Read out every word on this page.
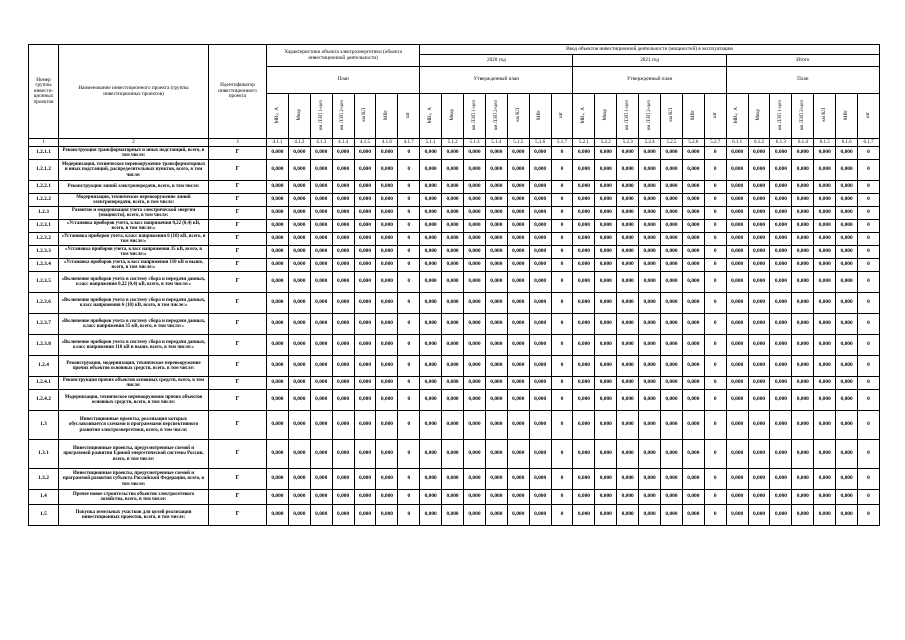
Номер группы инвести-ционных проектов	Наименование инвестиционного проекта (группы инвестиционных проектов)	Идентификатор инвестиционного проекта	Характеристики объекта электроэнергетики (объекта инвестиционной деятельности)							Ввод объектов инвестиционной деятельности (мощностей) в эксплуатацию																				
										2020 год							2021 год							Итого						
			План							Утвержденный план							Утвержденный план							План						
			МВ×А	Мвар	км ЛЭП 1-цеп	км ЛЭП 2-цеп	км КЛ	МВт	шт	МВ×А	Мвар	км ЛЭП 1-цеп	км ЛЭП 2-цеп	км КЛ	МВт	шт	МВ×А	Мвар	км ЛЭП 1-цеп	км ЛЭП 2-цеп	км КЛ	МВт	шт	МВ×А	Мвар	км ЛЭП 1-цеп	км ЛЭП 2-цеп	км КЛ	МВт	шт
1	2	3	4.1.1	4.1.2	4.1.3	4.1.4	4.1.5	4.1.6	4.1.7	5.1.1	5.1.2	5.1.3	5.1.4	5.1.5	5.1.6	5.1.7	5.2.1	5.2.2	5.2.3	5.2.4	5.2.5	5.2.6	5.2.7	6.1.1	6.1.2	6.1.3	6.1.4	6.1.5	6.1.6	6.1.7
1.2.1.1	Реконструкция трансформаторных и иных подстанций, всего, в том числе:	Г	0,000	0,000	0,000	0,000	0,000	0,000	0	0,000	0,000	0,000	0,000	0,000	0,000	0	0,000	0,000	0,000	0,000	0,000	0,000	0	0,000	0,000	0,000	0,000	0,000	0,000	0
1.2.1.2	Модернизация, техническое перевооружение трансформаторных и иных подстанций, распределительных пунктов, всего, в том числе:	Г	0,000	0,000	0,000	0,000	0,000	0,000	0	0,000	0,000	0,000	0,000	0,000	0,000	0	0,000	0,000	0,000	0,000	0,000	0,000	0	0,000	0,000	0,000	0,000	0,000	0,000	0
1.2.2.1	Реконструкция линий электропередачи, всего, в том числе:	Г	0,000	0,000	0,000	0,000	0,000	0,000	0	0,000	0,000	0,000	0,000	0,000	0,000	0	0,000	0,000	0,000	0,000	0,000	0,000	0	0,000	0,000	0,000	0,000	0,000	0,000	0
1.2.2.2	Модернизация, техническое перевооружение линий электропередачи, всего, в том числе:	Г	0,000	0,000	0,000	0,000	0,000	0,000	0	0,000	0,000	0,000	0,000	0,000	0,000	0	0,000	0,000	0,000	0,000	0,000	0,000	0	0,000	0,000	0,000	0,000	0,000	0,000	0
1.2.3	Развитие и модернизация учета электрической энергии (мощности), всего, в том числе:	Г	0,000	0,000	0,000	0,000	0,000	0,000	0	0,000	0,000	0,000	0,000	0,000	0,000	0	0,000	0,000	0,000	0,000	0,000	0,000	0	0,000	0,000	0,000	0,000	0,000	0,000	0
1.2.3.1	«Установка приборов учета, класс напряжения 0,22 (0,4) кВ, всего, в том числе:»	Г	0,000	0,000	0,000	0,000	0,000	0,000	0	0,000	0,000	0,000	0,000	0,000	0,000	0	0,000	0,000	0,000	0,000	0,000	0,000	0	0,000	0,000	0,000	0,000	0,000	0,000	0
1.2.3.2	«Установка приборов учета, класс напряжения 6 (10) кВ, всего, в том числе:»	Г	0,000	0,000	0,000	0,000	0,000	0,000	0	0,000	0,000	0,000	0,000	0,000	0,000	0	0,000	0,000	0,000	0,000	0,000	0,000	0	0,000	0,000	0,000	0,000	0,000	0,000	0
1.2.3.3	«Установка приборов учета, класс напряжения 35 кВ, всего, в том числе:»	Г	0,000	0,000	0,000	0,000	0,000	0,000	0	0,000	0,000	0,000	0,000	0,000	0,000	0	0,000	0,000	0,000	0,000	0,000	0,000	0	0,000	0,000	0,000	0,000	0,000	0,000	0
1.2.3.4	«Установка приборов учета, класс напряжения 110 кВ и выше, всего, в том числе:»	Г	0,000	0,000	0,000	0,000	0,000	0,000	0	0,000	0,000	0,000	0,000	0,000	0,000	0	0,000	0,000	0,000	0,000	0,000	0,000	0	0,000	0,000	0,000	0,000	0,000	0,000	0
1.2.3.5	«Включение приборов учета в систему сбора и передачи данных, класс напряжения 0,22 (0,4) кВ, всего, в том числе:»	Г	0,000	0,000	0,000	0,000	0,000	0,000	0	0,000	0,000	0,000	0,000	0,000	0,000	0	0,000	0,000	0,000	0,000	0,000	0,000	0	0,000	0,000	0,000	0,000	0,000	0,000	0
1.2.3.6	«Включение приборов учета в систему сбора и передачи данных, класс напряжения 6 (10) кВ, всего, в том числе:»	Г	0,000	0,000	0,000	0,000	0,000	0,000	0	0,000	0,000	0,000	0,000	0,000	0,000	0	0,000	0,000	0,000	0,000	0,000	0,000	0	0,000	0,000	0,000	0,000	0,000	0,000	0
1.2.3.7	«Включение приборов учета в систему сбора и передачи данных, класс напряжения 35 кВ, всего, в том числе:»	Г	0,000	0,000	0,000	0,000	0,000	0,000	0	0,000	0,000	0,000	0,000	0,000	0,000	0	0,000	0,000	0,000	0,000	0,000	0,000	0	0,000	0,000	0,000	0,000	0,000	0,000	0
1.2.3.8	«Включение приборов учета в систему сбора и передачи данных, класс напряжения 110 кВ и выше, всего, в том числе:»	Г	0,000	0,000	0,000	0,000	0,000	0,000	0	0,000	0,000	0,000	0,000	0,000	0,000	0	0,000	0,000	0,000	0,000	0,000	0,000	0	0,000	0,000	0,000	0,000	0,000	0,000	0
1.2.4	Реконструкция, модернизация, техническое перевооружение прочих объектов основных средств, всего, в том числе:	Г	0,000	0,000	0,000	0,000	0,000	0,000	0	0,000	0,000	0,000	0,000	0,000	0,000	0	0,000	0,000	0,000	0,000	0,000	0,000	0	0,000	0,000	0,000	0,000	0,000	0,000	0
1.2.4.1	Реконструкция прочих объектов основных средств, всего, в том числе:	Г	0,000	0,000	0,000	0,000	0,000	0,000	0	0,000	0,000	0,000	0,000	0,000	0,000	0	0,000	0,000	0,000	0,000	0,000	0,000	0	0,000	0,000	0,000	0,000	0,000	0,000	0
1.2.4.2	Модернизация, техническое перевооружение прочих объектов основных средств, всего, в том числе:	Г	0,000	0,000	0,000	0,000	0,000	0,000	0	0,000	0,000	0,000	0,000	0,000	0,000	0	0,000	0,000	0,000	0,000	0,000	0,000	0	0,000	0,000	0,000	0,000	0,000	0,000	0
1.3	Инвестиционные проекты, реализация которых обуславливается схемами и программами перспективного развития электроэнергетики, всего, в том числе:	Г	0,000	0,000	0,000	0,000	0,000	0,000	0	0,000	0,000	0,000	0,000	0,000	0,000	0	0,000	0,000	0,000	0,000	0,000	0,000	0	0,000	0,000	0,000	0,000	0,000	0,000	0
1.3.1	Инвестиционные проекты, предусмотренные схемой и программой развития Единой энергетической системы России, всего, в том числе:	Г	0,000	0,000	0,000	0,000	0,000	0,000	0	0,000	0,000	0,000	0,000	0,000	0,000	0	0,000	0,000	0,000	0,000	0,000	0,000	0	0,000	0,000	0,000	0,000	0,000	0,000	0
1.3.2	Инвестиционные проекты, предусмотренные схемой и программой развития субъекта Российской Федерации, всего, в том числе:	Г	0,000	0,000	0,000	0,000	0,000	0,000	0	0,000	0,000	0,000	0,000	0,000	0,000	0	0,000	0,000	0,000	0,000	0,000	0,000	0	0,000	0,000	0,000	0,000	0,000	0,000	0
1.4	Прочее новое строительство объектов электросетевого хозяйства, всего, в том числе:	Г	0,000	0,000	0,000	0,000	0,000	0,000	0	0,000	0,000	0,000	0,000	0,000	0,000	0	0,000	0,000	0,000	0,000	0,000	0,000	0	0,000	0,000	0,000	0,000	0,000	0,000	0
1.5	Покупка земельных участков для целей реализации инвестиционных проектов, всего, в том числе:	Г	0,000	0,000	0,000	0,000	0,000	0,000	0	0,000	0,000	0,000	0,000	0,000	0,000	0	0,000	0,000	0,000	0,000	0,000	0,000	0	0,000	0,000	0,000	0,000	0,000	0,000	0
